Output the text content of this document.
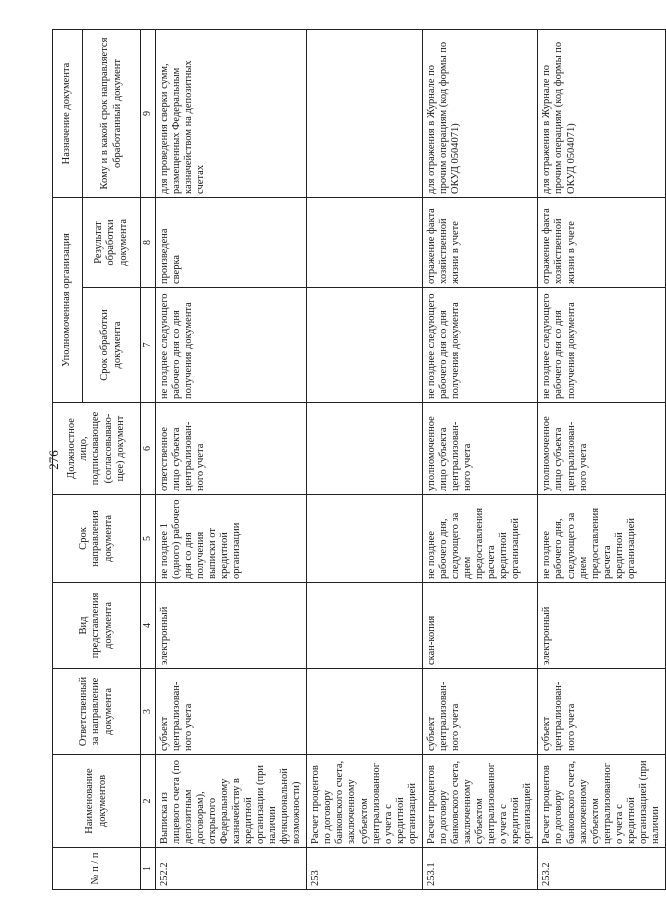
276
№ п / п	Наименование документов	Ответственный за направление документа	Вид представления документа	Срок направления документа	Должностное лицо, подписывающее (согласовываю-щее) документ	Уполномоченная организация		Назначение документа
						Срок обработки документа	Результат обработки документа	Кому и в какой срок направляется обработанный документ
1	2	3	4	5	6	7	8	9
252.2	Выписка из лицевого счета (по депозитным договорам), открытого Федеральному казначейству в кредитной организации (при наличии функциональной возможности)	субъект централизован-ного учета	электронный	не позднее 1 (одного) рабочего дня со дня получения выписки от кредитной организации	ответственное лицо субъекта централизован-ного учета	не позднее следующего рабочего дня со дня получения документа	произведена сверка	для проведения сверки сумм, размещенных Федеральным казначейством на депозитных счетах
253	Расчет процентов по договору банковского счета, заключенному субъектом централизованного учета с кредитной организацией							
253.1	Расчет процентов по договору банковского счета, заключенному субъектом централизованного учета с кредитной организацией	субъект централизован-ного учета	скан-копия	не позднее рабочего дня, следующего за днем предоставления расчета кредитной организацией	уполномоченное лицо субъекта централизован-ного учета	не позднее следующего рабочего дня со дня получения документа	отражение факта хозяйственной жизни в учете	для отражения в Журнале по прочим операциям (код формы по ОКУД 0504071)
253.2	Расчет процентов по договору банковского счета, заключенному субъектом централизованного учета с кредитной организацией (при наличии	субъект централизован-ного учета	электронный	не позднее рабочего дня, следующего за днем предоставления расчета кредитной организацией	уполномоченное лицо субъекта централизован-ного учета	не позднее следующего рабочего дня со дня получения документа	отражение факта хозяйственной жизни в учете	для отражения в Журнале по прочим операциям (код формы по ОКУД 0504071)
